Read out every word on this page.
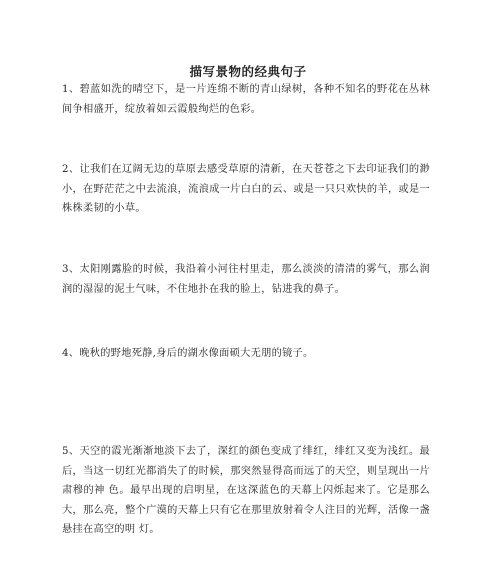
描写景物的经典句子
1、碧蓝如洗的晴空下，是一片连绵不断的青山绿树，各种不知名的野花在丛林间争相盛开，绽放着如云霞般绚烂的色彩。
2、让我们在辽阔无边的草原去感受草原的清新，在天苍苍之下去印证我们的渺小，在野茫茫之中去流浪，流浪成一片白白的云、或是一只只欢快的羊，或是一株株柔韧的小草。
3、太阳刚露脸的时候，我沿着小河往村里走，那么淡淡的清清的雾气，那么润润的湿湿的泥土气味，不住地扑在我的脸上，钻进我的鼻子。
4、晚秋的野地死静,身后的湖水像面硕大无朋的镜子。
5、天空的霞光渐渐地淡下去了，深红的颜色变成了绯红，绯红又变为浅红。最后，当这一切红光都消失了的时候，那突然显得高而远了的天空，则呈现出一片肃穆的神 色。最早出现的启明星，在这深蓝色的天幕上闪烁起来了。它是那么大，那么亮，整个广漠的天幕上只有它在那里放射着令人注目的光辉，活像一盏悬挂在高空的明 灯。
